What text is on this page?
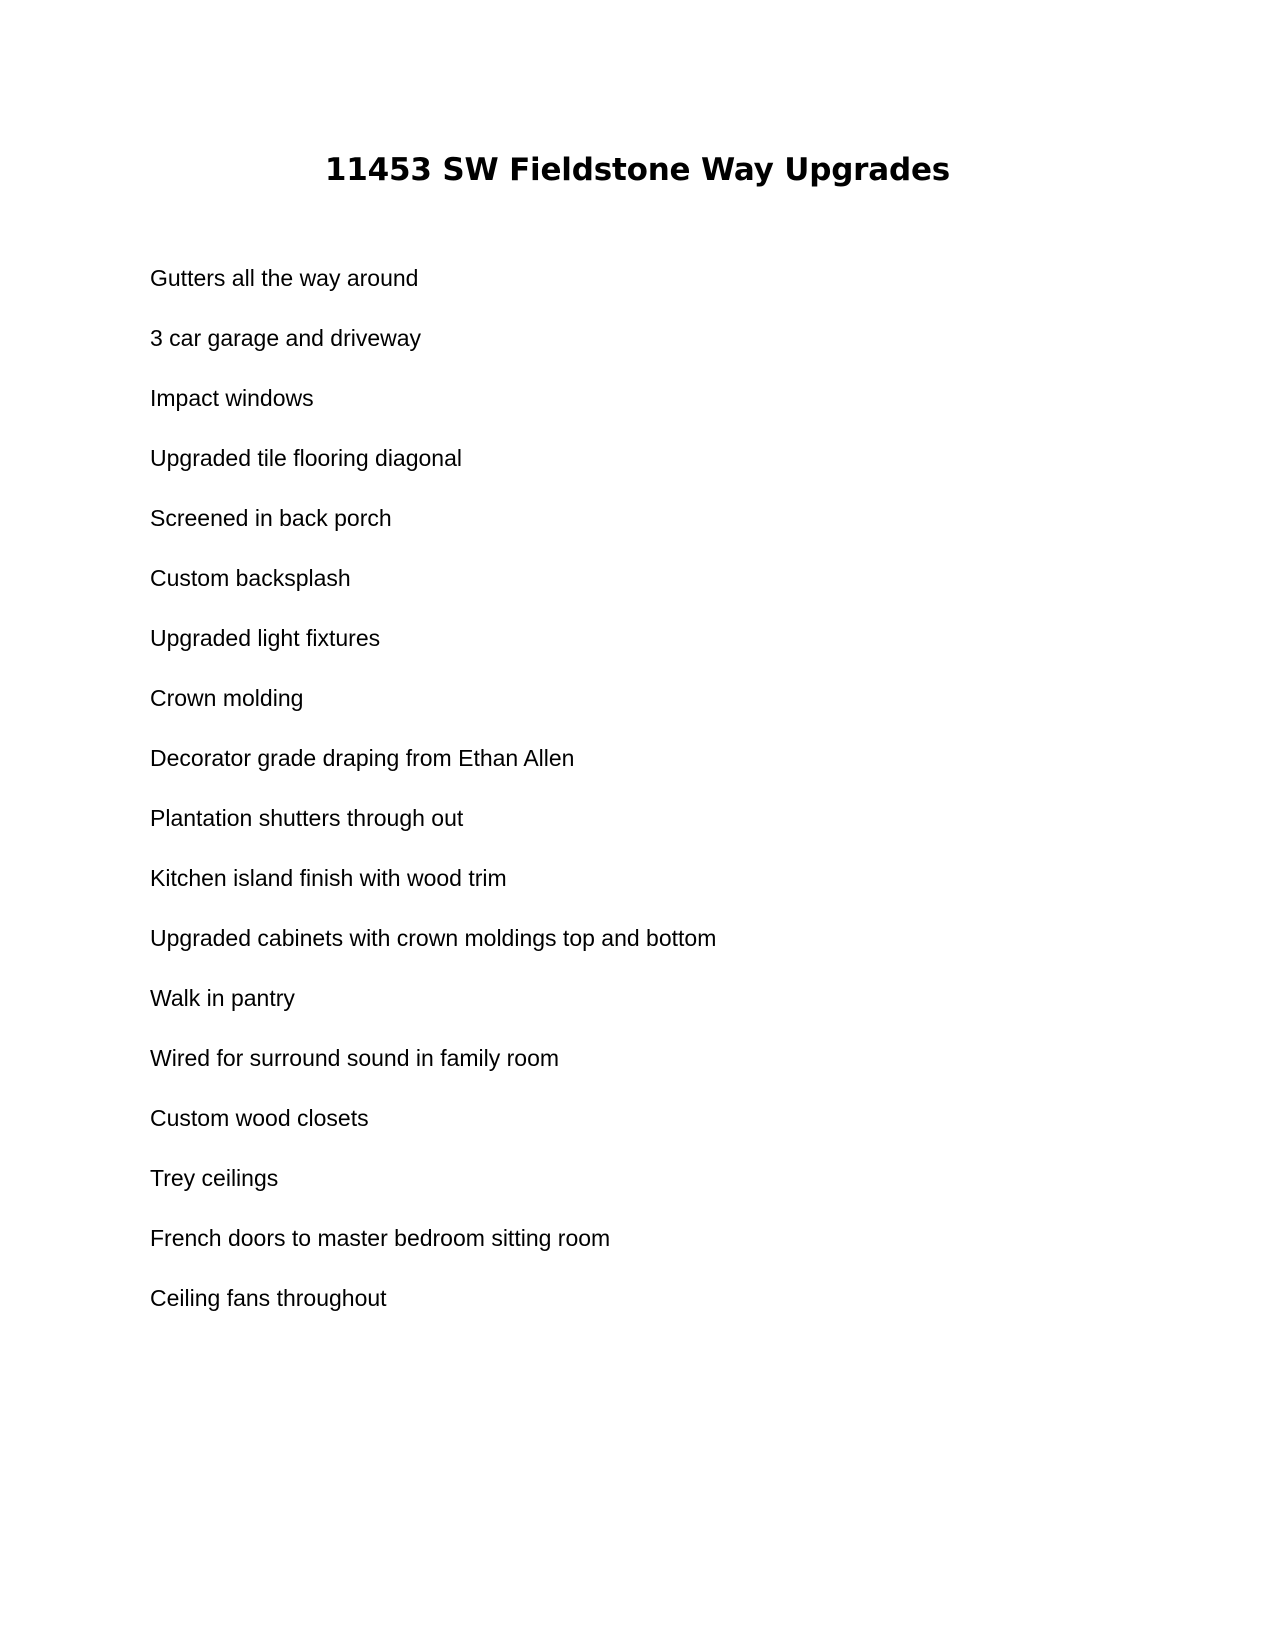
11453 SW Fieldstone Way Upgrades
Gutters all the way around
3 car garage and driveway
Impact windows
Upgraded tile flooring diagonal
Screened in back porch
Custom backsplash
Upgraded light fixtures
Crown molding
Decorator grade draping from Ethan Allen
Plantation shutters through out
Kitchen island finish with wood trim
Upgraded cabinets with crown moldings top and bottom
Walk in pantry
Wired for surround sound in family room
Custom wood closets
Trey ceilings
French doors to master bedroom sitting room
Ceiling fans throughout
